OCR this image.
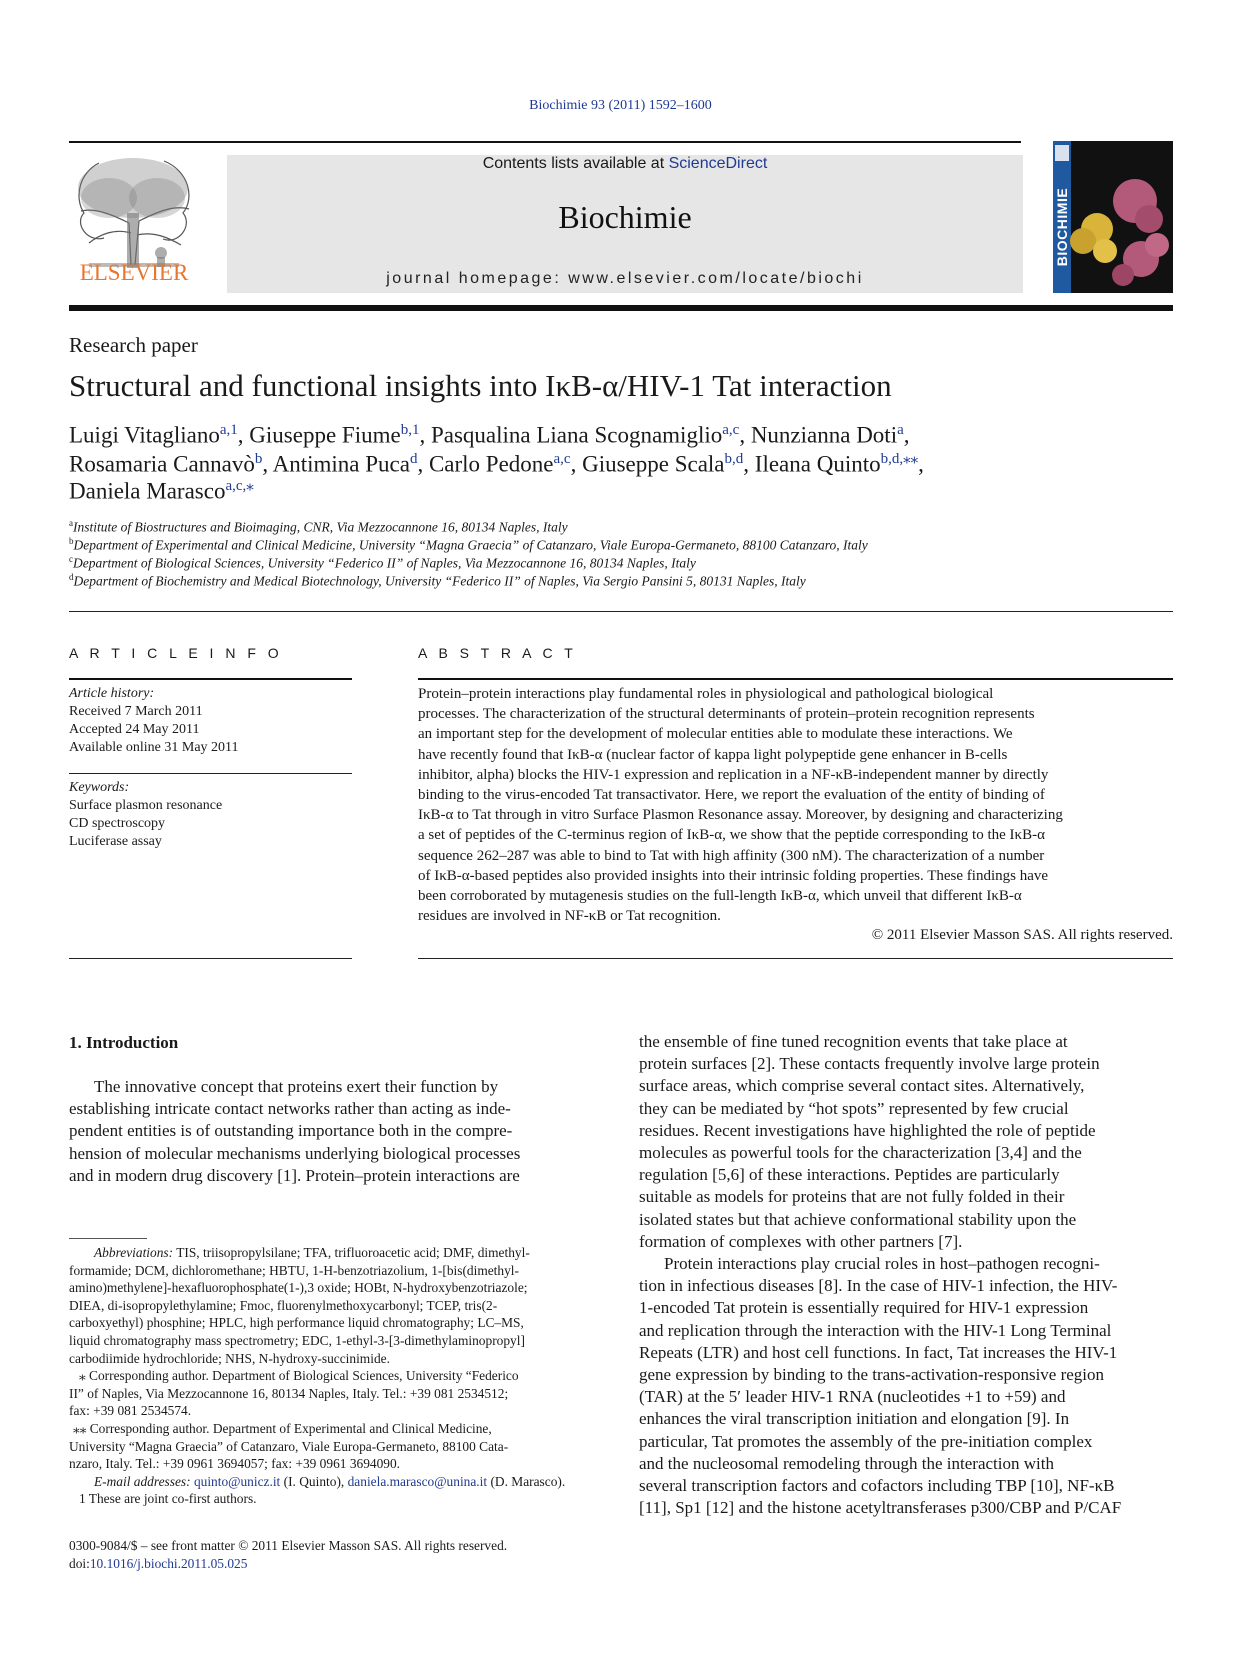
Biochimie 93 (2011) 1592–1600
ELSEVIER
Contents lists available at ScienceDirect
Biochimie
journal homepage: www.elsevier.com/locate/biochi
BIOCHIMIE
Research paper
Structural and functional insights into IκB-α/HIV-1 Tat interaction
Luigi Vitagliano$^{a,1}$, Giuseppe Fiume$^{b,1}$, Pasqualina Liana Scognamiglio$^{a,c}$, Nunzianna Doti$^a$,
Rosamaria Cannavò$^b$, Antimina Puca$^d$, Carlo Pedone$^{a,c}$, Giuseppe Scala$^{b,d}$, Ileana Quinto$^{b,d,⁎⁎}$,
Daniela Marasco$^{a,c,⁎}$
$^a$Institute of Biostructures and Bioimaging, CNR, Via Mezzocannone 16, 80134 Naples, Italy
$^b$Department of Experimental and Clinical Medicine, University “Magna Graecia” of Catanzaro, Viale Europa-Germaneto, 88100 Catanzaro, Italy
$^c$Department of Biological Sciences, University “Federico II” of Naples, Via Mezzocannone 16, 80134 Naples, Italy
$^d$Department of Biochemistry and Medical Biotechnology, University “Federico II” of Naples, Via Sergio Pansini 5, 80131 Naples, Italy
A R T I C L E I N F O	A B S T R A C T
Article history:
Received 7 March 2011
Accepted 24 May 2011
Available online 31 May 2011
Keywords:
Surface plasmon resonance
CD spectroscopy
Luciferase assay
Protein–protein interactions play fundamental roles in physiological and pathological biological
processes. The characterization of the structural determinants of protein–protein recognition represents
an important step for the development of molecular entities able to modulate these interactions. We
have recently found that IκB-α (nuclear factor of kappa light polypeptide gene enhancer in B-cells
inhibitor, alpha) blocks the HIV-1 expression and replication in a NF-κB-independent manner by directly
binding to the virus-encoded Tat transactivator. Here, we report the evaluation of the entity of binding of
IκB-α to Tat through in vitro Surface Plasmon Resonance assay. Moreover, by designing and characterizing
a set of peptides of the C-terminus region of IκB-α, we show that the peptide corresponding to the IκB-α
sequence 262–287 was able to bind to Tat with high affinity (300 nM). The characterization of a number
of IκB-α-based peptides also provided insights into their intrinsic folding properties. These findings have
been corroborated by mutagenesis studies on the full-length IκB-α, which unveil that different IκB-α
residues are involved in NF-κB or Tat recognition.
© 2011 Elsevier Masson SAS. All rights reserved.
1. Introduction
The innovative concept that proteins exert their function by
establishing intricate contact networks rather than acting as inde-
pendent entities is of outstanding importance both in the compre-
hension of molecular mechanisms underlying biological processes
and in modern drug discovery [1]. Protein–protein interactions are
the ensemble of fine tuned recognition events that take place at
protein surfaces [2]. These contacts frequently involve large protein
surface areas, which comprise several contact sites. Alternatively,
they can be mediated by “hot spots” represented by few crucial
residues. Recent investigations have highlighted the role of peptide
molecules as powerful tools for the characterization [3,4] and the
regulation [5,6] of these interactions. Peptides are particularly
suitable as models for proteins that are not fully folded in their
isolated states but that achieve conformational stability upon the
formation of complexes with other partners [7].
Protein interactions play crucial roles in host–pathogen recogni-
tion in infectious diseases [8]. In the case of HIV-1 infection, the HIV-
1-encoded Tat protein is essentially required for HIV-1 expression
and replication through the interaction with the HIV-1 Long Terminal
Repeats (LTR) and host cell functions. In fact, Tat increases the HIV-1
gene expression by binding to the trans-activation-responsive region
(TAR) at the 5′ leader HIV-1 RNA (nucleotides +1 to +59) and
enhances the viral transcription initiation and elongation [9]. In
particular, Tat promotes the assembly of the pre-initiation complex
and the nucleosomal remodeling through the interaction with
several transcription factors and cofactors including TBP [10], NF-κB
[11], Sp1 [12] and the histone acetyltransferases p300/CBP and P/CAF
Abbreviations: TIS, triisopropylsilane; TFA, trifluoroacetic acid; DMF, dimethyl-
formamide; DCM, dichloromethane; HBTU, 1-H-benzotriazolium, 1-[bis(dimethyl-
amino)methylene]-hexafluorophosphate(1-),3 oxide; HOBt, N-hydroxybenzotriazole;
DIEA, di-isopropylethylamine; Fmoc, fluorenylmethoxycarbonyl; TCEP, tris(2-
carboxyethyl) phosphine; HPLC, high performance liquid chromatography; LC–MS,
liquid chromatography mass spectrometry; EDC, 1-ethyl-3-[3-dimethylaminopropyl]
carbodiimide hydrochloride; NHS, N-hydroxy-succinimide.
⁎ Corresponding author. Department of Biological Sciences, University “Federico
II” of Naples, Via Mezzocannone 16, 80134 Naples, Italy. Tel.: +39 081 2534512;
fax: +39 081 2534574.
⁎⁎ Corresponding author. Department of Experimental and Clinical Medicine,
University “Magna Graecia” of Catanzaro, Viale Europa-Germaneto, 88100 Cata-
nzaro, Italy. Tel.: +39 0961 3694057; fax: +39 0961 3694090.
E-mail addresses: quinto@unicz.it (I. Quinto), daniela.marasco@unina.it (D. Marasco).
1 These are joint co-first authors.
0300-9084/$ – see front matter © 2011 Elsevier Masson SAS. All rights reserved.
doi:10.1016/j.biochi.2011.05.025
